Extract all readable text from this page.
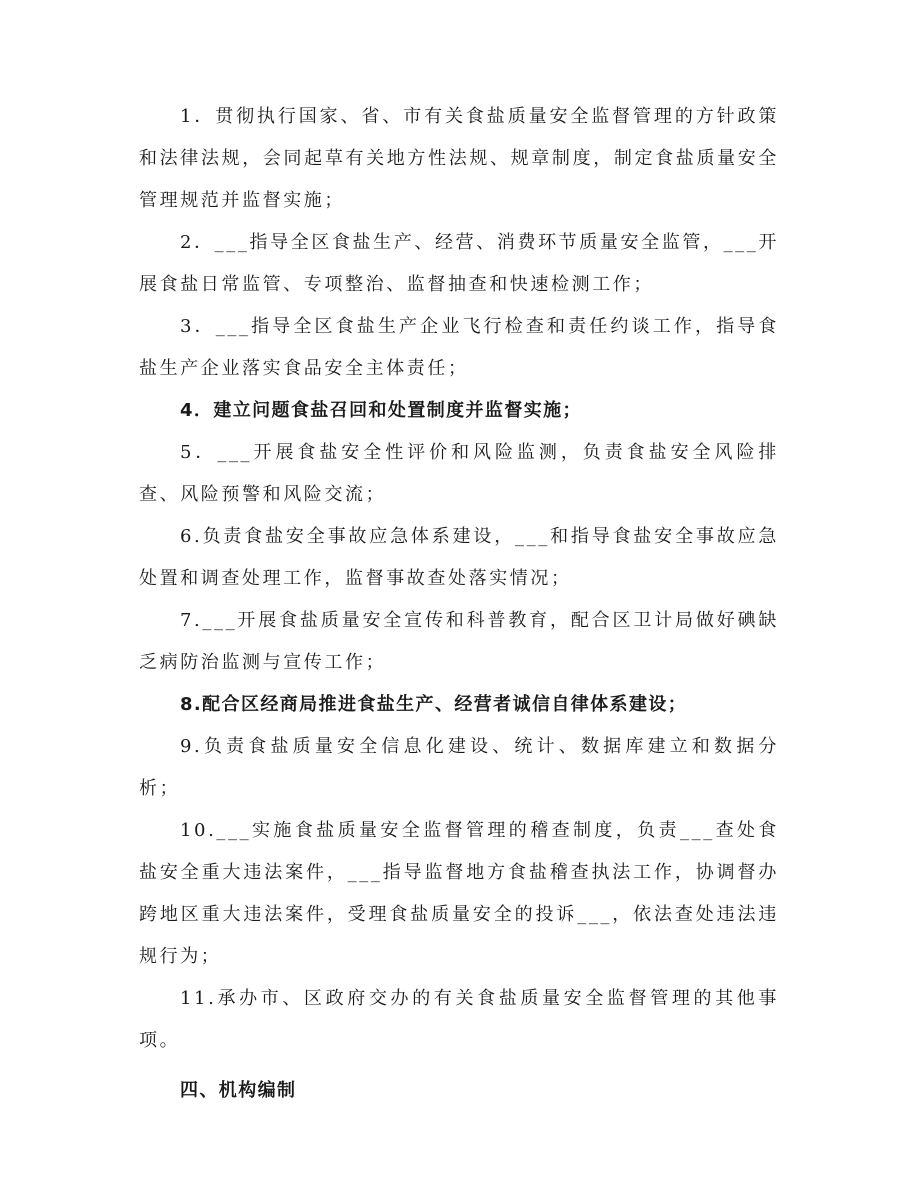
1．贯彻执行国家、省、市有关食盐质量安全监督管理的方针政策和法律法规，会同起草有关地方性法规、规章制度，制定食盐质量安全管理规范并监督实施；

2．___指导全区食盐生产、经营、消费环节质量安全监管，___开展食盐日常监管、专项整治、监督抽查和快速检测工作；

3．___指导全区食盐生产企业飞行检查和责任约谈工作，指导食盐生产企业落实食品安全主体责任；

4．建立问题食盐召回和处置制度并监督实施；

5．___开展食盐安全性评价和风险监测，负责食盐安全风险排查、风险预警和风险交流；

6.负责食盐安全事故应急体系建设，___和指导食盐安全事故应急处置和调查处理工作，监督事故查处落实情况；

7.___开展食盐质量安全宣传和科普教育，配合区卫计局做好碘缺乏病防治监测与宣传工作；

8.配合区经商局推进食盐生产、经营者诚信自律体系建设；

9.负责食盐质量安全信息化建设、统计、数据库建立和数据分析；

10.___实施食盐质量安全监督管理的稽查制度，负责___查处食盐安全重大违法案件，___指导监督地方食盐稽查执法工作，协调督办跨地区重大违法案件，受理食盐质量安全的投诉___，依法查处违法违规行为；

11.承办市、区政府交办的有关食盐质量安全监督管理的其他事项。

四、机构编制
